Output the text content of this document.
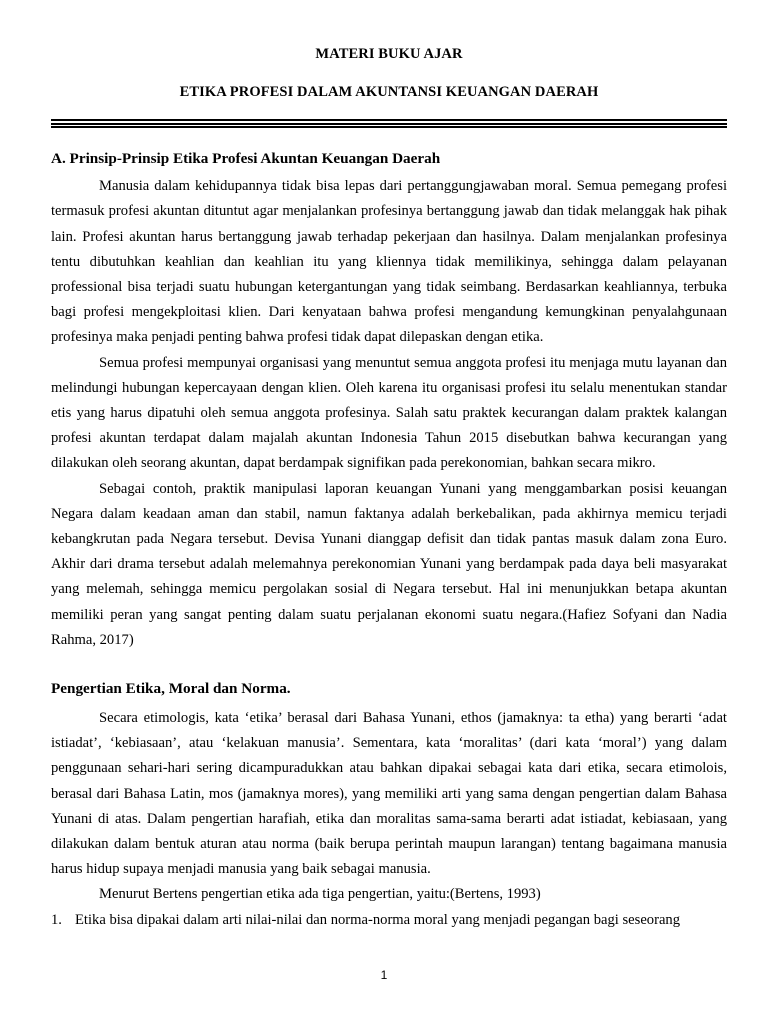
MATERI BUKU AJAR

ETIKA PROFESI DALAM AKUNTANSI KEUANGAN DAERAH

A. Prinsip-Prinsip Etika Profesi Akuntan Keuangan Daerah

Manusia dalam kehidupannya tidak bisa lepas dari pertanggungjawaban moral. Semua pemegang profesi termasuk profesi akuntan dituntut agar menjalankan profesinya bertanggung jawab dan tidak melanggak hak pihak lain. Profesi akuntan harus bertanggung jawab terhadap pekerjaan dan hasilnya. Dalam menjalankan profesinya tentu dibutuhkan keahlian dan keahlian itu yang kliennya tidak memilikinya, sehingga dalam pelayanan professional bisa terjadi suatu hubungan ketergantungan yang tidak seimbang. Berdasarkan keahliannya, terbuka bagi profesi mengekploitasi klien. Dari kenyataan bahwa profesi mengandung kemungkinan penyalahgunaan profesinya maka penjadi penting bahwa profesi tidak dapat dilepaskan dengan etika.

Semua profesi mempunyai organisasi yang menuntut semua anggota profesi itu menjaga mutu layanan dan melindungi hubungan kepercayaan dengan klien. Oleh karena itu organisasi profesi itu selalu menentukan standar etis yang harus dipatuhi oleh semua anggota profesinya. Salah satu praktek kecurangan dalam praktek kalangan profesi akuntan terdapat dalam majalah akuntan Indonesia Tahun 2015 disebutkan bahwa kecurangan yang dilakukan oleh seorang akuntan, dapat berdampak signifikan pada perekonomian, bahkan secara mikro.

Sebagai contoh, praktik manipulasi laporan keuangan Yunani yang menggambarkan posisi keuangan Negara dalam keadaan aman dan stabil, namun faktanya adalah berkebalikan, pada akhirnya memicu terjadi kebangkrutan pada Negara tersebut. Devisa Yunani dianggap defisit dan tidak pantas masuk dalam zona Euro. Akhir dari drama tersebut adalah melemahnya perekonomian Yunani yang berdampak pada daya beli masyarakat yang melemah, sehingga memicu pergolakan sosial di Negara tersebut. Hal ini menunjukkan betapa akuntan memiliki peran yang sangat penting dalam suatu perjalanan ekonomi suatu negara.(Hafiez Sofyani dan Nadia Rahma, 2017)

Pengertian Etika, Moral dan Norma.

Secara etimologis, kata ‘etika’ berasal dari Bahasa Yunani, ethos (jamaknya: ta etha) yang berarti ‘adat istiadat’, ‘kebiasaan’, atau ‘kelakuan manusia’. Sementara, kata ‘moralitas’ (dari kata ‘moral’) yang dalam penggunaan sehari-hari sering dicampuradukkan atau bahkan dipakai sebagai kata dari etika, secara etimolois, berasal dari Bahasa Latin, mos (jamaknya mores), yang memiliki arti yang sama dengan pengertian dalam Bahasa Yunani di atas. Dalam pengertian harafiah, etika dan moralitas sama-sama berarti adat istiadat, kebiasaan, yang dilakukan dalam bentuk aturan atau norma (baik berupa perintah maupun larangan) tentang bagaimana manusia harus hidup supaya menjadi manusia yang baik sebagai manusia.

Menurut Bertens pengertian etika ada tiga pengertian, yaitu:(Bertens, 1993)

1. Etika bisa dipakai dalam arti nilai-nilai dan norma-norma moral yang menjadi pegangan bagi seseorang
1
